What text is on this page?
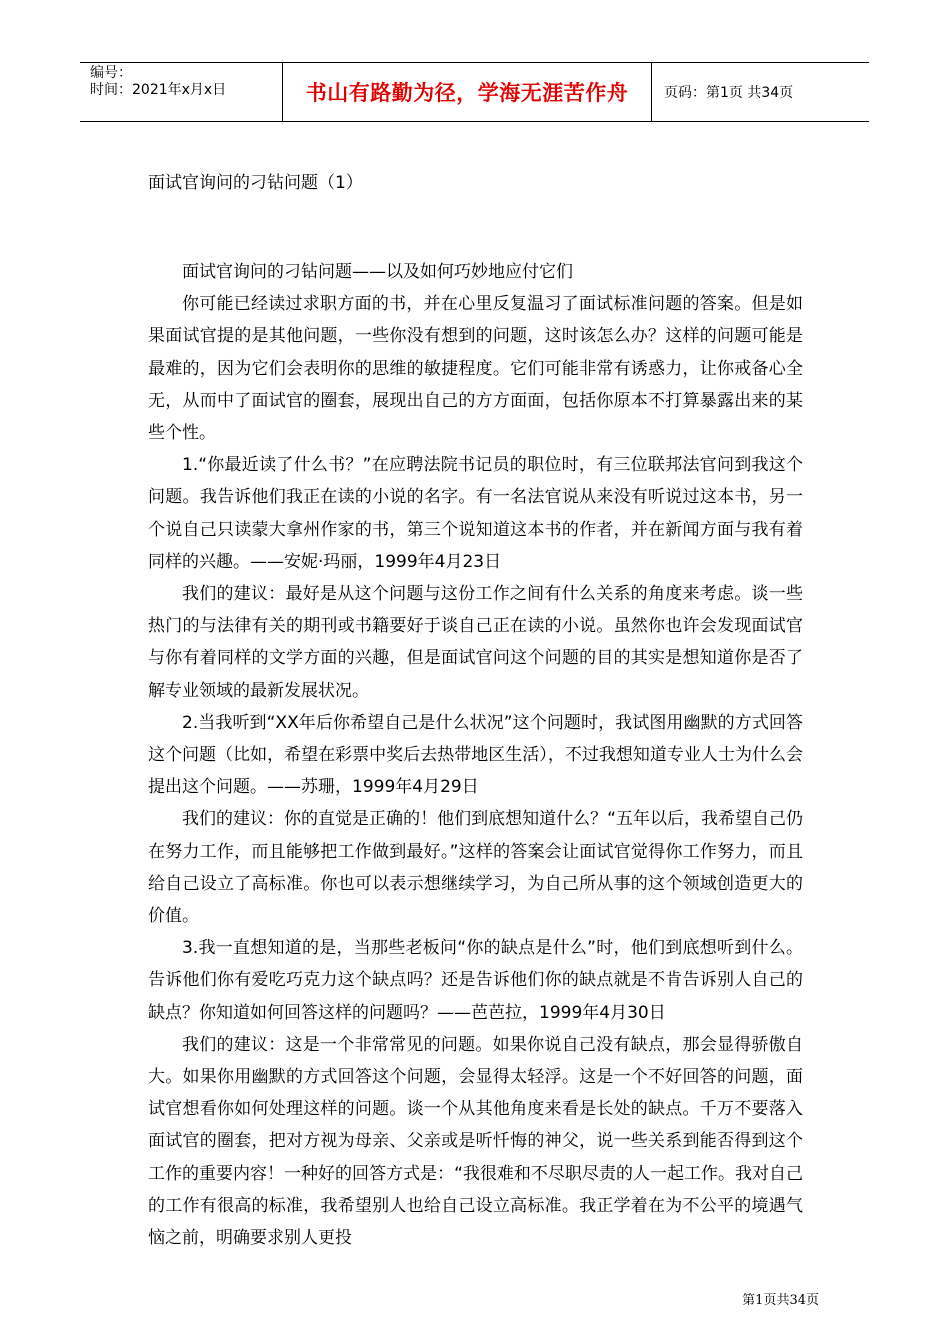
编号：
时间：2021年x月x日	书山有路勤为径，学海无涯苦作舟	页码：第1页 共34页
面试官询问的刁钻问题（1）

面试官询问的刁钻问题——以及如何巧妙地应付它们

你可能已经读过求职方面的书，并在心里反复温习了面试标准问题的答案。但是如果面试官提的是其他问题，一些你没有想到的问题，这时该怎么办？这样的问题可能是最难的，因为它们会表明你的思维的敏捷程度。它们可能非常有诱惑力，让你戒备心全无，从而中了面试官的圈套，展现出自己的方方面面，包括你原本不打算暴露出来的某些个性。

1.“你最近读了什么书？”在应聘法院书记员的职位时，有三位联邦法官问到我这个问题。我告诉他们我正在读的小说的名字。有一名法官说从来没有听说过这本书，另一个说自己只读蒙大拿州作家的书，第三个说知道这本书的作者，并在新闻方面与我有着同样的兴趣。——安妮·玛丽，1999年4月23日

我们的建议：最好是从这个问题与这份工作之间有什么关系的角度来考虑。谈一些热门的与法律有关的期刊或书籍要好于谈自己正在读的小说。虽然你也许会发现面试官与你有着同样的文学方面的兴趣，但是面试官问这个问题的目的其实是想知道你是否了解专业领域的最新发展状况。

2.当我听到“XX年后你希望自己是什么状况”这个问题时，我试图用幽默的方式回答这个问题（比如，希望在彩票中奖后去热带地区生活），不过我想知道专业人士为什么会提出这个问题。——苏珊，1999年4月29日

我们的建议：你的直觉是正确的！他们到底想知道什么？“五年以后，我希望自己仍在努力工作，而且能够把工作做到最好。”这样的答案会让面试官觉得你工作努力，而且给自己设立了高标准。你也可以表示想继续学习，为自己所从事的这个领域创造更大的价值。

3.我一直想知道的是，当那些老板问“你的缺点是什么”时，他们到底想听到什么。告诉他们你有爱吃巧克力这个缺点吗？还是告诉他们你的缺点就是不肯告诉别人自己的缺点？你知道如何回答这样的问题吗？——芭芭拉，1999年4月30日

我们的建议：这是一个非常常见的问题。如果你说自己没有缺点，那会显得骄傲自大。如果你用幽默的方式回答这个问题，会显得太轻浮。这是一个不好回答的问题，面试官想看你如何处理这样的问题。谈一个从其他角度来看是长处的缺点。千万不要落入面试官的圈套，把对方视为母亲、父亲或是听忏悔的神父，说一些关系到能否得到这个工作的重要内容！一种好的回答方式是：“我很难和不尽职尽责的人一起工作。我对自己的工作有很高的标准，我希望别人也给自己设立高标准。我正学着在为不公平的境遇气恼之前，明确要求别人更投

第1页共34页
